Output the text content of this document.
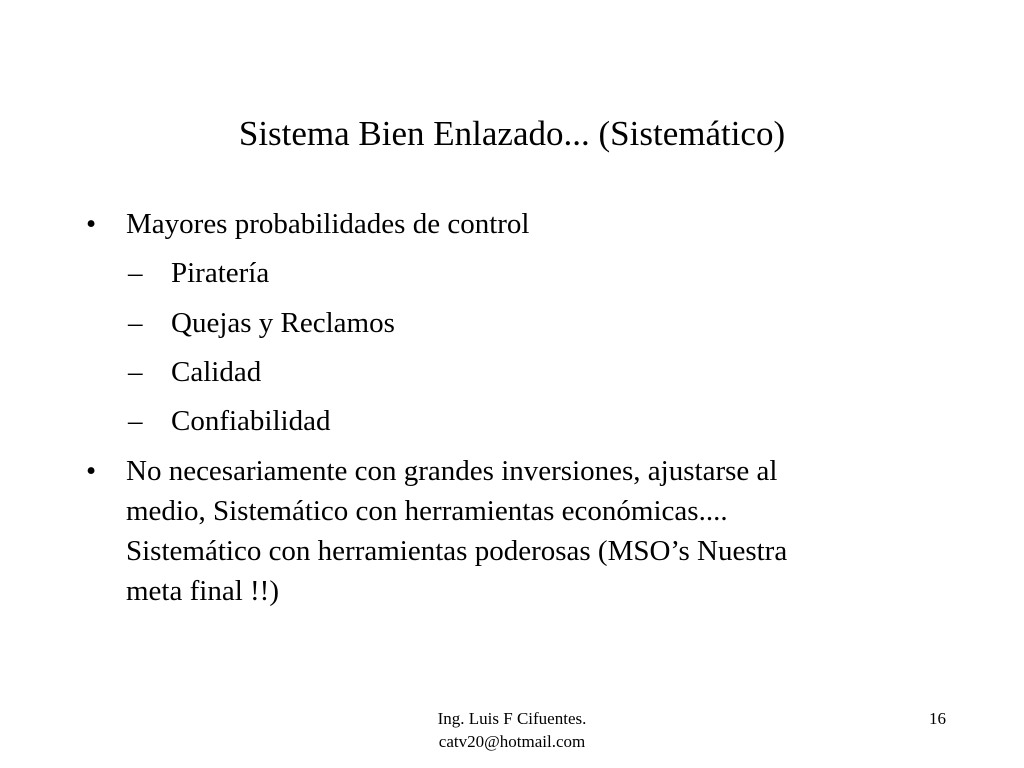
Sistema Bien Enlazado... (Sistemático)
• Mayores probabilidades de control
– Piratería
– Quejas y Reclamos
– Calidad
– Confiabilidad
• No necesariamente con grandes inversiones, ajustarse al
medio, Sistemático con herramientas económicas....
Sistemático con herramientas poderosas (MSO’s Nuestra
meta final !!)
Ing. Luis F Cifuentes.
catv20@hotmail.com
16
